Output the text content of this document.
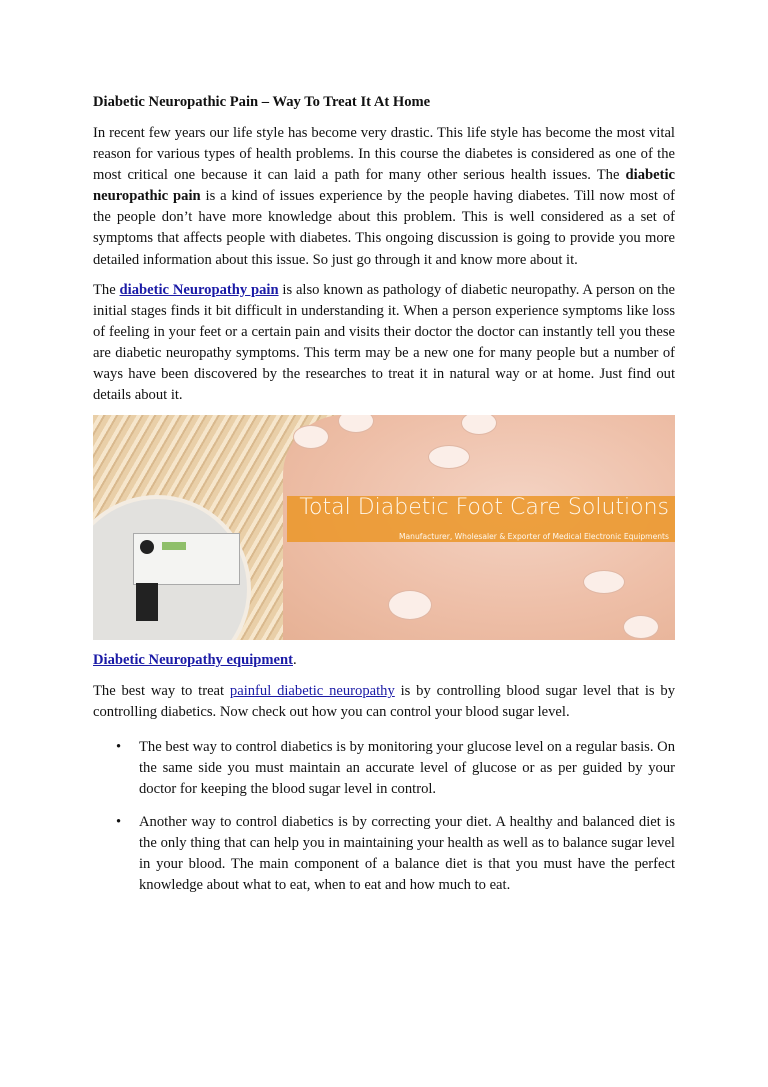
Diabetic Neuropathic Pain – Way To Treat It At Home

In recent few years our life style has become very drastic. This life style has become the most vital reason for various types of health problems. In this course the diabetes is considered as one of the most critical one because it can laid a path for many other serious health issues. The diabetic neuropathic pain is a kind of issues experience by the people having diabetes. Till now most of the people don’t have more knowledge about this problem. This is well considered as a set of symptoms that affects people with diabetes. This ongoing discussion is going to provide you more detailed information about this issue. So just go through it and know more about it.

The diabetic Neuropathy pain is also known as pathology of diabetic neuropathy. A person on the initial stages finds it bit difficult in understanding it. When a person experience symptoms like loss of feeling in your feet or a certain pain and visits their doctor the doctor can instantly tell you these are diabetic neuropathy symptoms. This term may be a new one for many people but a number of ways have been discovered by the researches to treat it in natural way or at home. Just find out details about it.

Total Diabetic Foot Care Solutions
Manufacturer, Wholesaler & Exporter of Medical Electronic Equipments

Diabetic Neuropathy equipment.

The best way to treat painful diabetic neuropathy is by controlling blood sugar level that is by controlling diabetics. Now check out how you can control your blood sugar level.

• The best way to control diabetics is by monitoring your glucose level on a regular basis. On the same side you must maintain an accurate level of glucose or as per guided by your doctor for keeping the blood sugar level in control.
• Another way to control diabetics is by correcting your diet. A healthy and balanced diet is the only thing that can help you in maintaining your health as well as to balance sugar level in your blood. The main component of a balance diet is that you must have the perfect knowledge about what to eat, when to eat and how much to eat.
